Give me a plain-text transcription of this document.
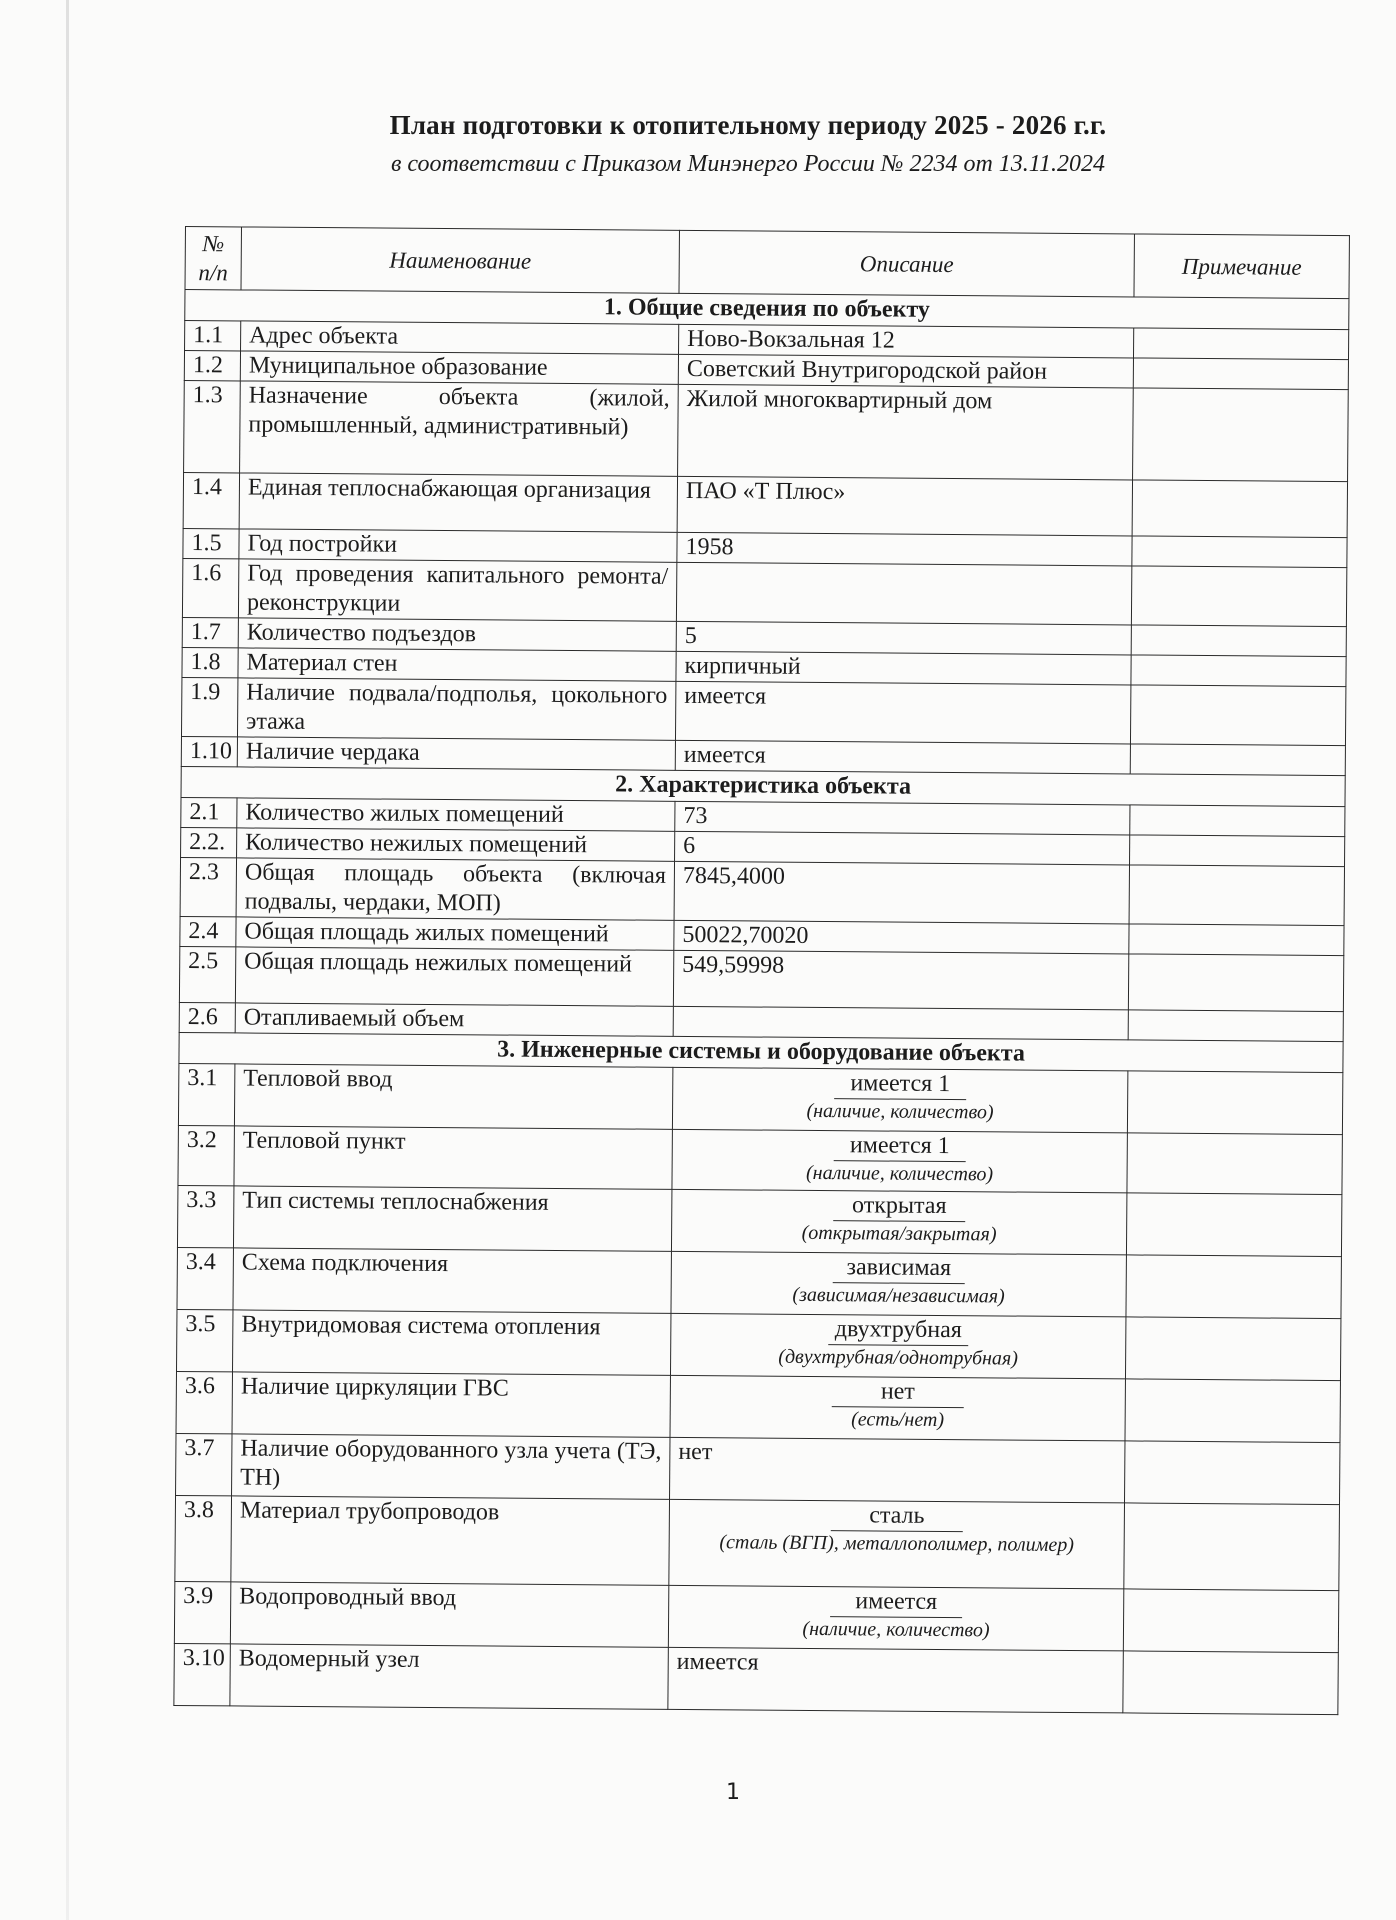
План подготовки к отопительному периоду 2025 - 2026 г.г.
в соответствии с Приказом Минэнерго России № 2234 от 13.11.2024
№ п/п	Наименование	Описание	Примечание
1. Общие сведения по объекту			
1.1	Адрес объекта	Ново-Вокзальная 12	
1.2	Муниципальное образование	Советский Внутригородской район	
1.3	Назначение объекта (жилой, промышленный, административный)	Жилой многоквартирный дом	
1.4	Единая теплоснабжающая организация	ПАО «Т Плюс»	
1.5	Год постройки	1958	
1.6	Год проведения капитального ремонта/реконструкции		
1.7	Количество подъездов	5	
1.8	Материал стен	кирпичный	
1.9	Наличие подвала/подполья, цокольного этажа	имеется	
1.10	Наличие чердака	имеется	
2. Характеристика объекта			
2.1	Количество жилых помещений	73	
2.2.	Количество нежилых помещений	6	
2.3	Общая площадь объекта (включая подвалы, чердаки, МОП)	7845,4000	
2.4	Общая площадь жилых помещений	50022,70020	
2.5	Общая площадь нежилых помещений	549,59998	
2.6	Отапливаемый объем		
3. Инженерные системы и оборудование объекта			
3.1	Тепловой ввод	имеется 1
(наличие, количество)	

3.2	Тепловой пункт	имеется 1
(наличие, количество)	

3.3	Тип системы теплоснабжения	открытая
(открытая/закрытая)	

3.4	Схема подключения	зависимая
(зависимая/независимая)	

3.5	Внутридомовая система отопления	двухтрубная
(двухтрубная/однотрубная)	

3.6	Наличие циркуляции ГВС	нет
(есть/нет)	

3.7	Наличие оборудованного узла учета (ТЭ, ТН)	нет	
3.8	Материал трубопроводов	сталь
(сталь (ВГП), металлополимер, полимер)	

3.9	Водопроводный ввод	имеется
(наличие, количество)	

3.10	Водомерный узел	имеется	
1
